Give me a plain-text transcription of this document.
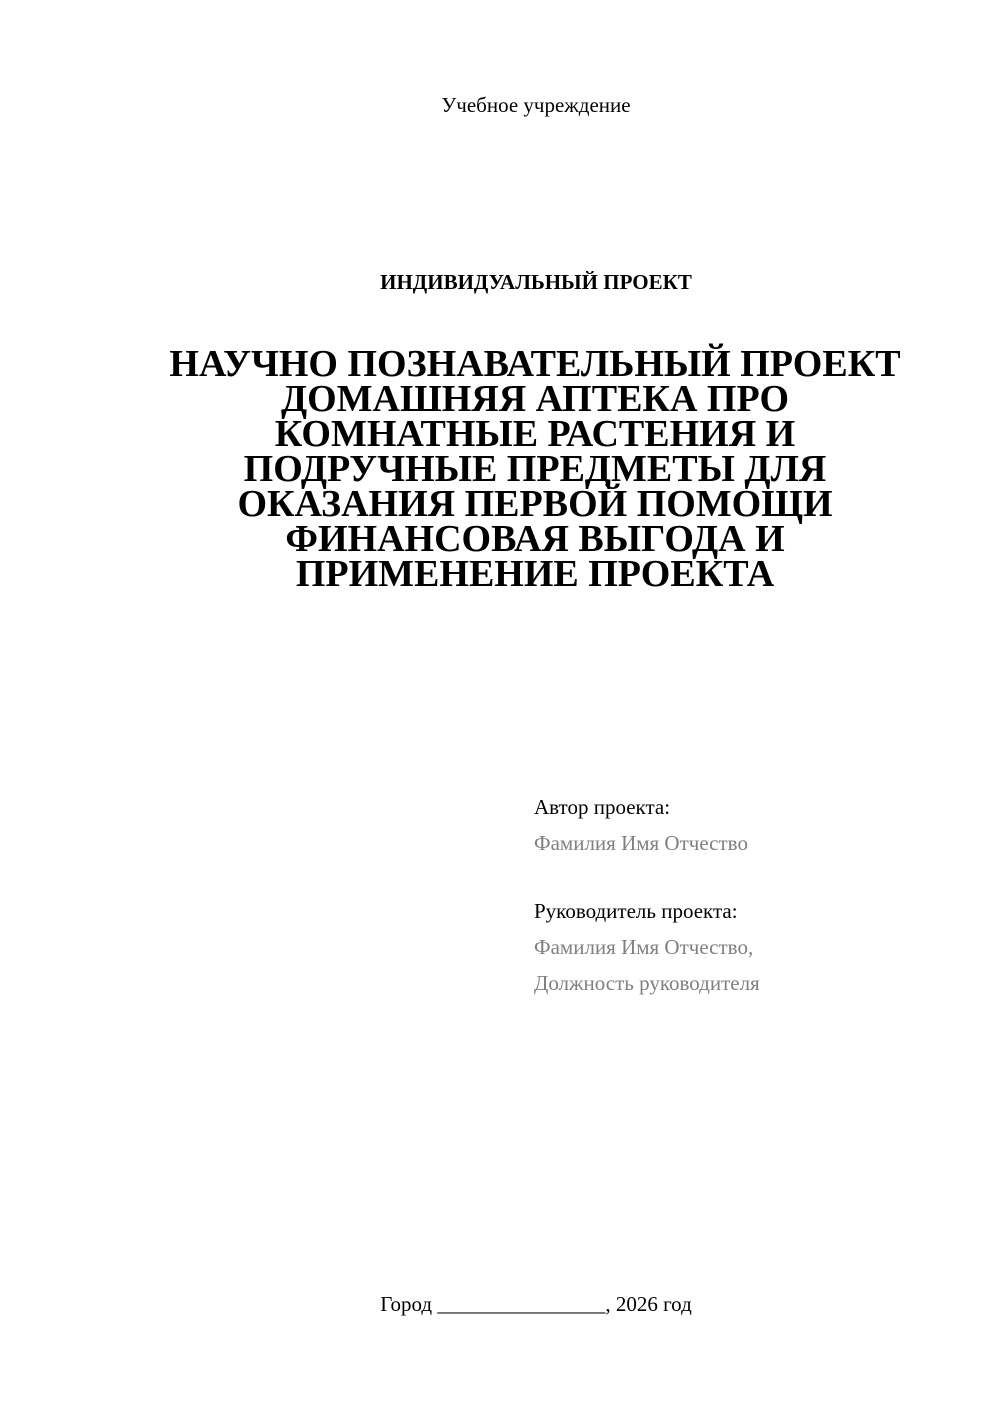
Учебное учреждение
ИНДИВИДУАЛЬНЫЙ ПРОЕКТ
НАУЧНО ПОЗНАВАТЕЛЬНЫЙ ПРОЕКТ
ДОМАШНЯЯ АПТЕКА ПРО
КОМНАТНЫЕ РАСТЕНИЯ И
ПОДРУЧНЫЕ ПРЕДМЕТЫ ДЛЯ
ОКАЗАНИЯ ПЕРВОЙ ПОМОЩИ
ФИНАНСОВАЯ ВЫГОДА И
ПРИМЕНЕНИЕ ПРОЕКТА
Автор проекта:
Фамилия Имя Отчество
Руководитель проекта:
Фамилия Имя Отчество,
Должность руководителя
Город ________________, 2026 год
